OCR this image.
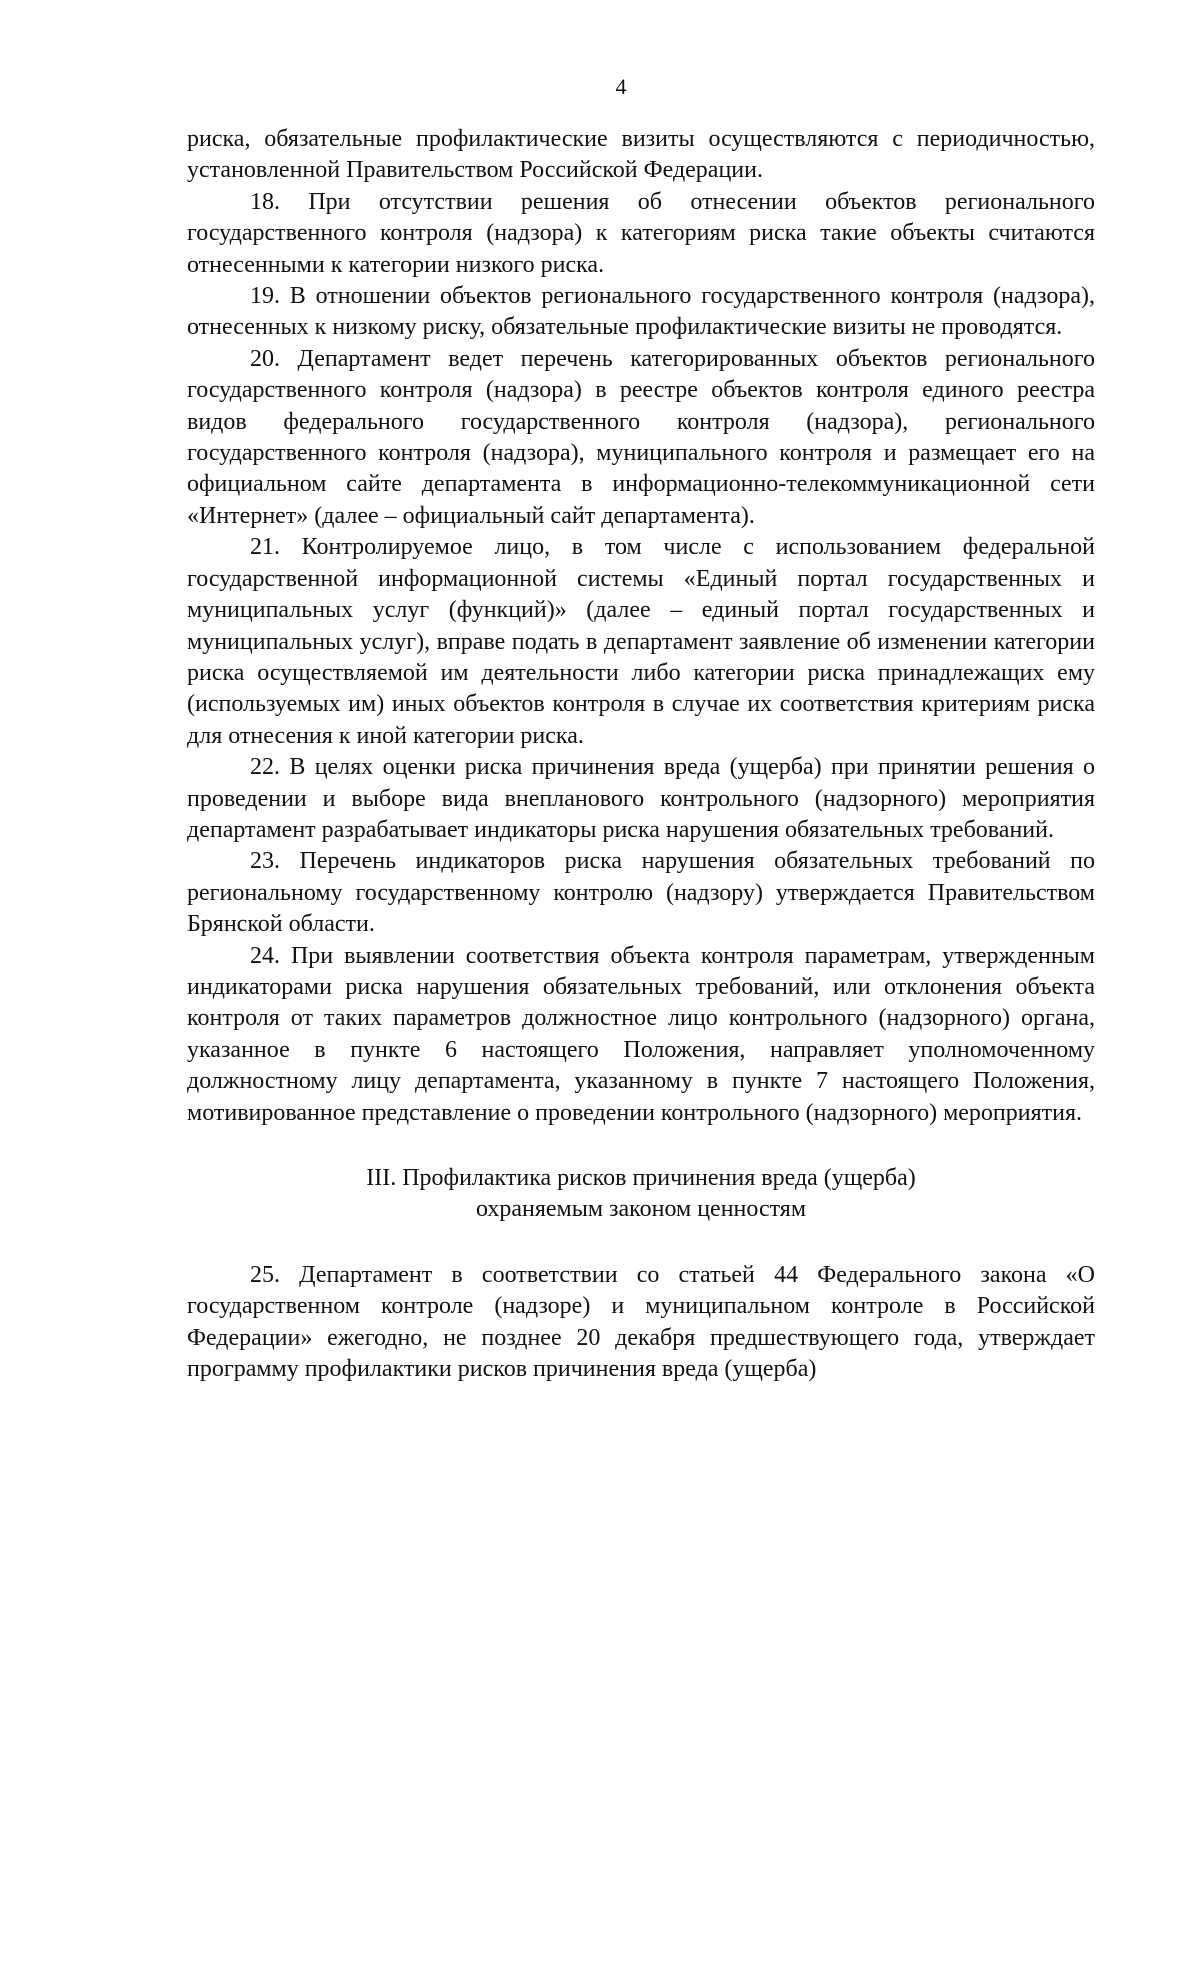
4

риска, обязательные профилактические визиты осуществляются с периодичностью, установленной Правительством Российской Федерации.

18. При отсутствии решения об отнесении объектов регионального государственного контроля (надзора) к категориям риска такие объекты считаются отнесенными к категории низкого риска.

19. В отношении объектов регионального государственного контроля (надзора), отнесенных к низкому риску, обязательные профилактические визиты не проводятся.

20. Департамент ведет перечень категорированных объектов регионального государственного контроля (надзора) в реестре объектов контроля единого реестра видов федерального государственного контроля (надзора), регионального государственного контроля (надзора), муниципального контроля и размещает его на официальном сайте департамента в информационно-телекоммуникационной сети «Интернет» (далее – официальный сайт департамента).

21. Контролируемое лицо, в том числе с использованием федеральной государственной информационной системы «Единый портал государственных и муниципальных услуг (функций)» (далее – единый портал государственных и муниципальных услуг), вправе подать в департамент заявление об изменении категории риска осуществляемой им деятельности либо категории риска принадлежащих ему (используемых им) иных объектов контроля в случае их соответствия критериям риска для отнесения к иной категории риска.

22. В целях оценки риска причинения вреда (ущерба) при принятии решения о проведении и выборе вида внепланового контрольного (надзорного) мероприятия департамент разрабатывает индикаторы риска нарушения обязательных требований.

23. Перечень индикаторов риска нарушения обязательных требований по региональному государственному контролю (надзору) утверждается Правительством Брянской области.

24. При выявлении соответствия объекта контроля параметрам, утвержденным индикаторами риска нарушения обязательных требований, или отклонения объекта контроля от таких параметров должностное лицо контрольного (надзорного) органа, указанное в пункте 6 настоящего Положения, направляет уполномоченному должностному лицу департамента, указанному в пункте 7 настоящего Положения, мотивированное представление о проведении контрольного (надзорного) мероприятия.

III. Профилактика рисков причинения вреда (ущерба)
охраняемым законом ценностям

25. Департамент в соответствии со статьей 44 Федерального закона «О государственном контроле (надзоре) и муниципальном контроле в Российской Федерации» ежегодно, не позднее 20 декабря предшествующего года, утверждает программу профилактики рисков причинения вреда (ущерба)
